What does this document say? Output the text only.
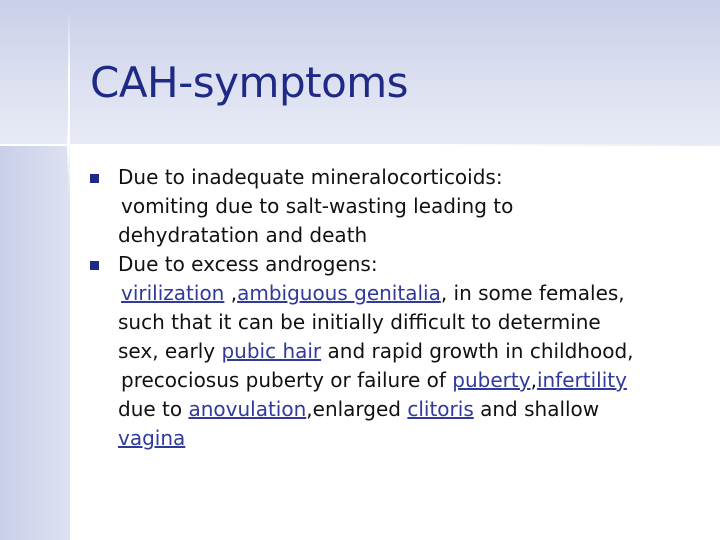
CAH-symptoms
Due to inadequate mineralocorticoids:
vomiting due to salt-wasting leading to
dehydratation and death
Due to excess androgens:
virilization ,ambiguous genitalia, in some females,
such that it can be initially difficult to determine
sex, early pubic hair and rapid growth in childhood,
precociosus puberty or failure of puberty,infertility
due to anovulation,enlarged clitoris and shallow
vagina
